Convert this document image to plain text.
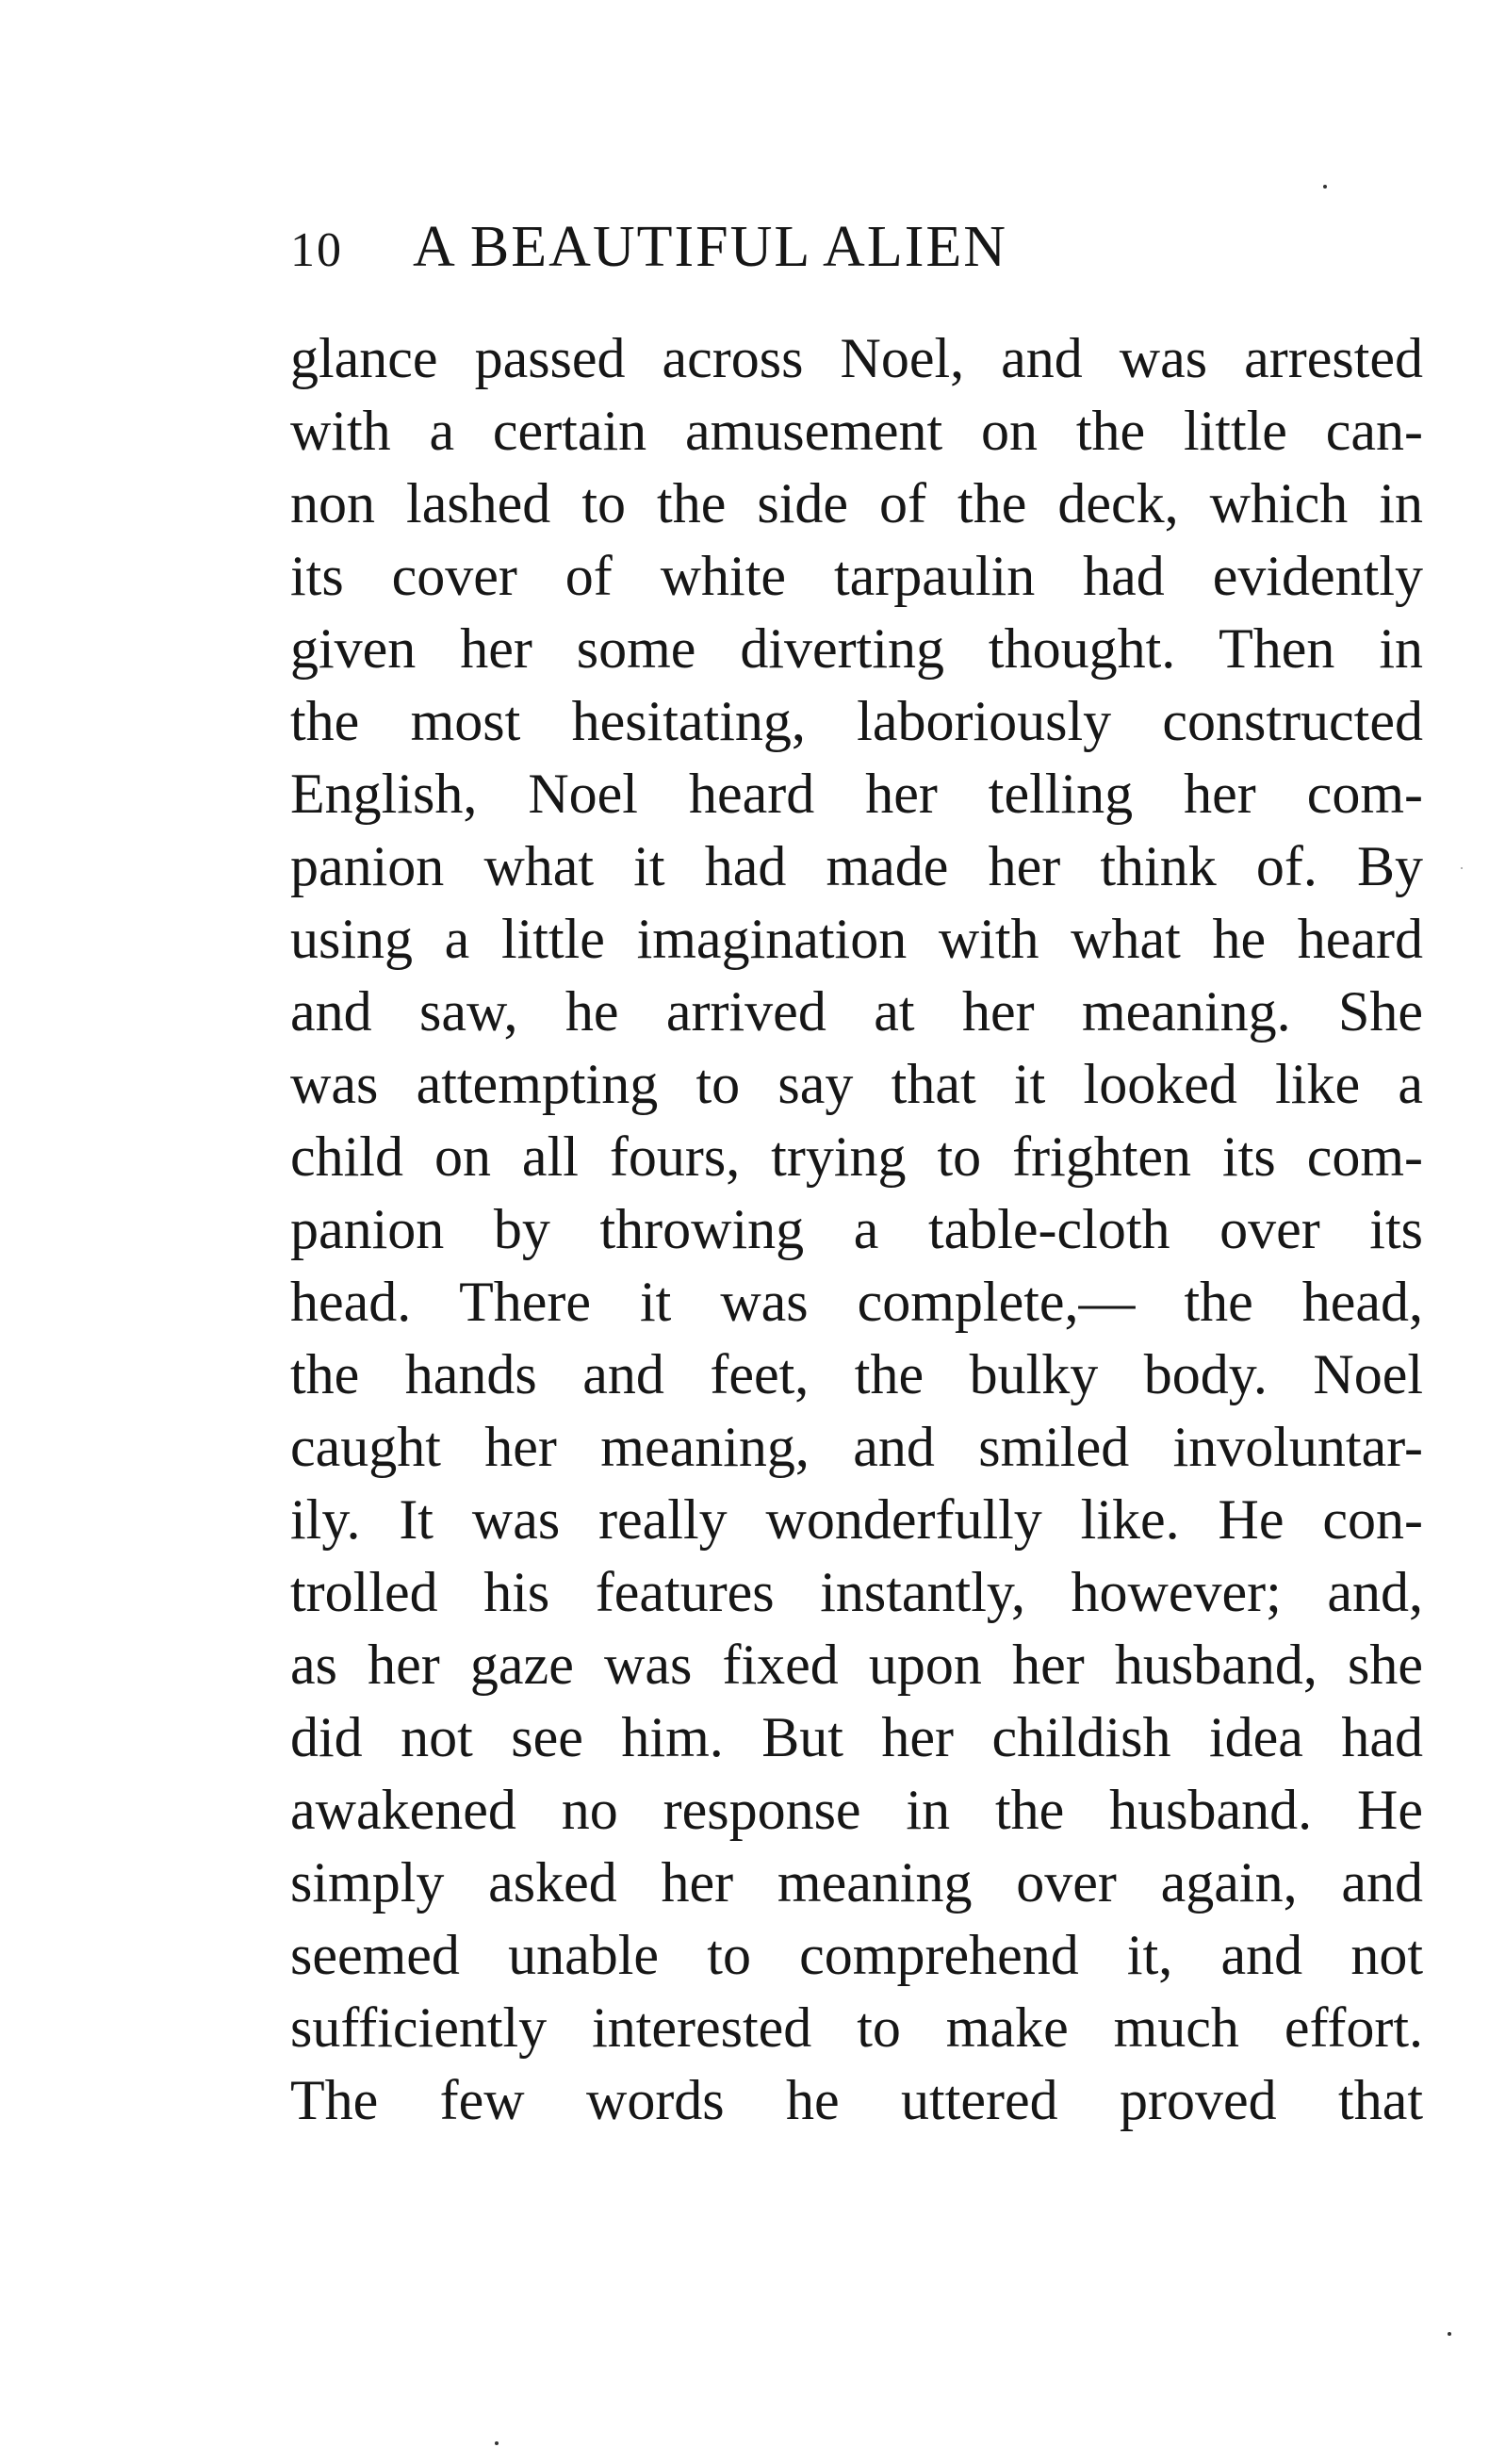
10 A BEAUTIFUL ALIEN
glance passed across Noel, and was arrested
with a certain amusement on the little can-
non lashed to the side of the deck, which in
its cover of white tarpaulin had evidently
given her some diverting thought. Then in
the most hesitating, laboriously constructed
English, Noel heard her telling her com-
panion what it had made her think of. By
using a little imagination with what he heard
and saw, he arrived at her meaning. She
was attempting to say that it looked like a
child on all fours, trying to frighten its com-
panion by throwing a table-cloth over its
head. There it was complete,— the head,
the hands and feet, the bulky body. Noel
caught her meaning, and smiled involuntar-
ily. It was really wonderfully like. He con-
trolled his features instantly, however; and,
as her gaze was fixed upon her husband, she
did not see him. But her childish idea had
awakened no response in the husband. He
simply asked her meaning over again, and
seemed unable to comprehend it, and not
sufficiently interested to make much effort.
The few words he uttered proved that
